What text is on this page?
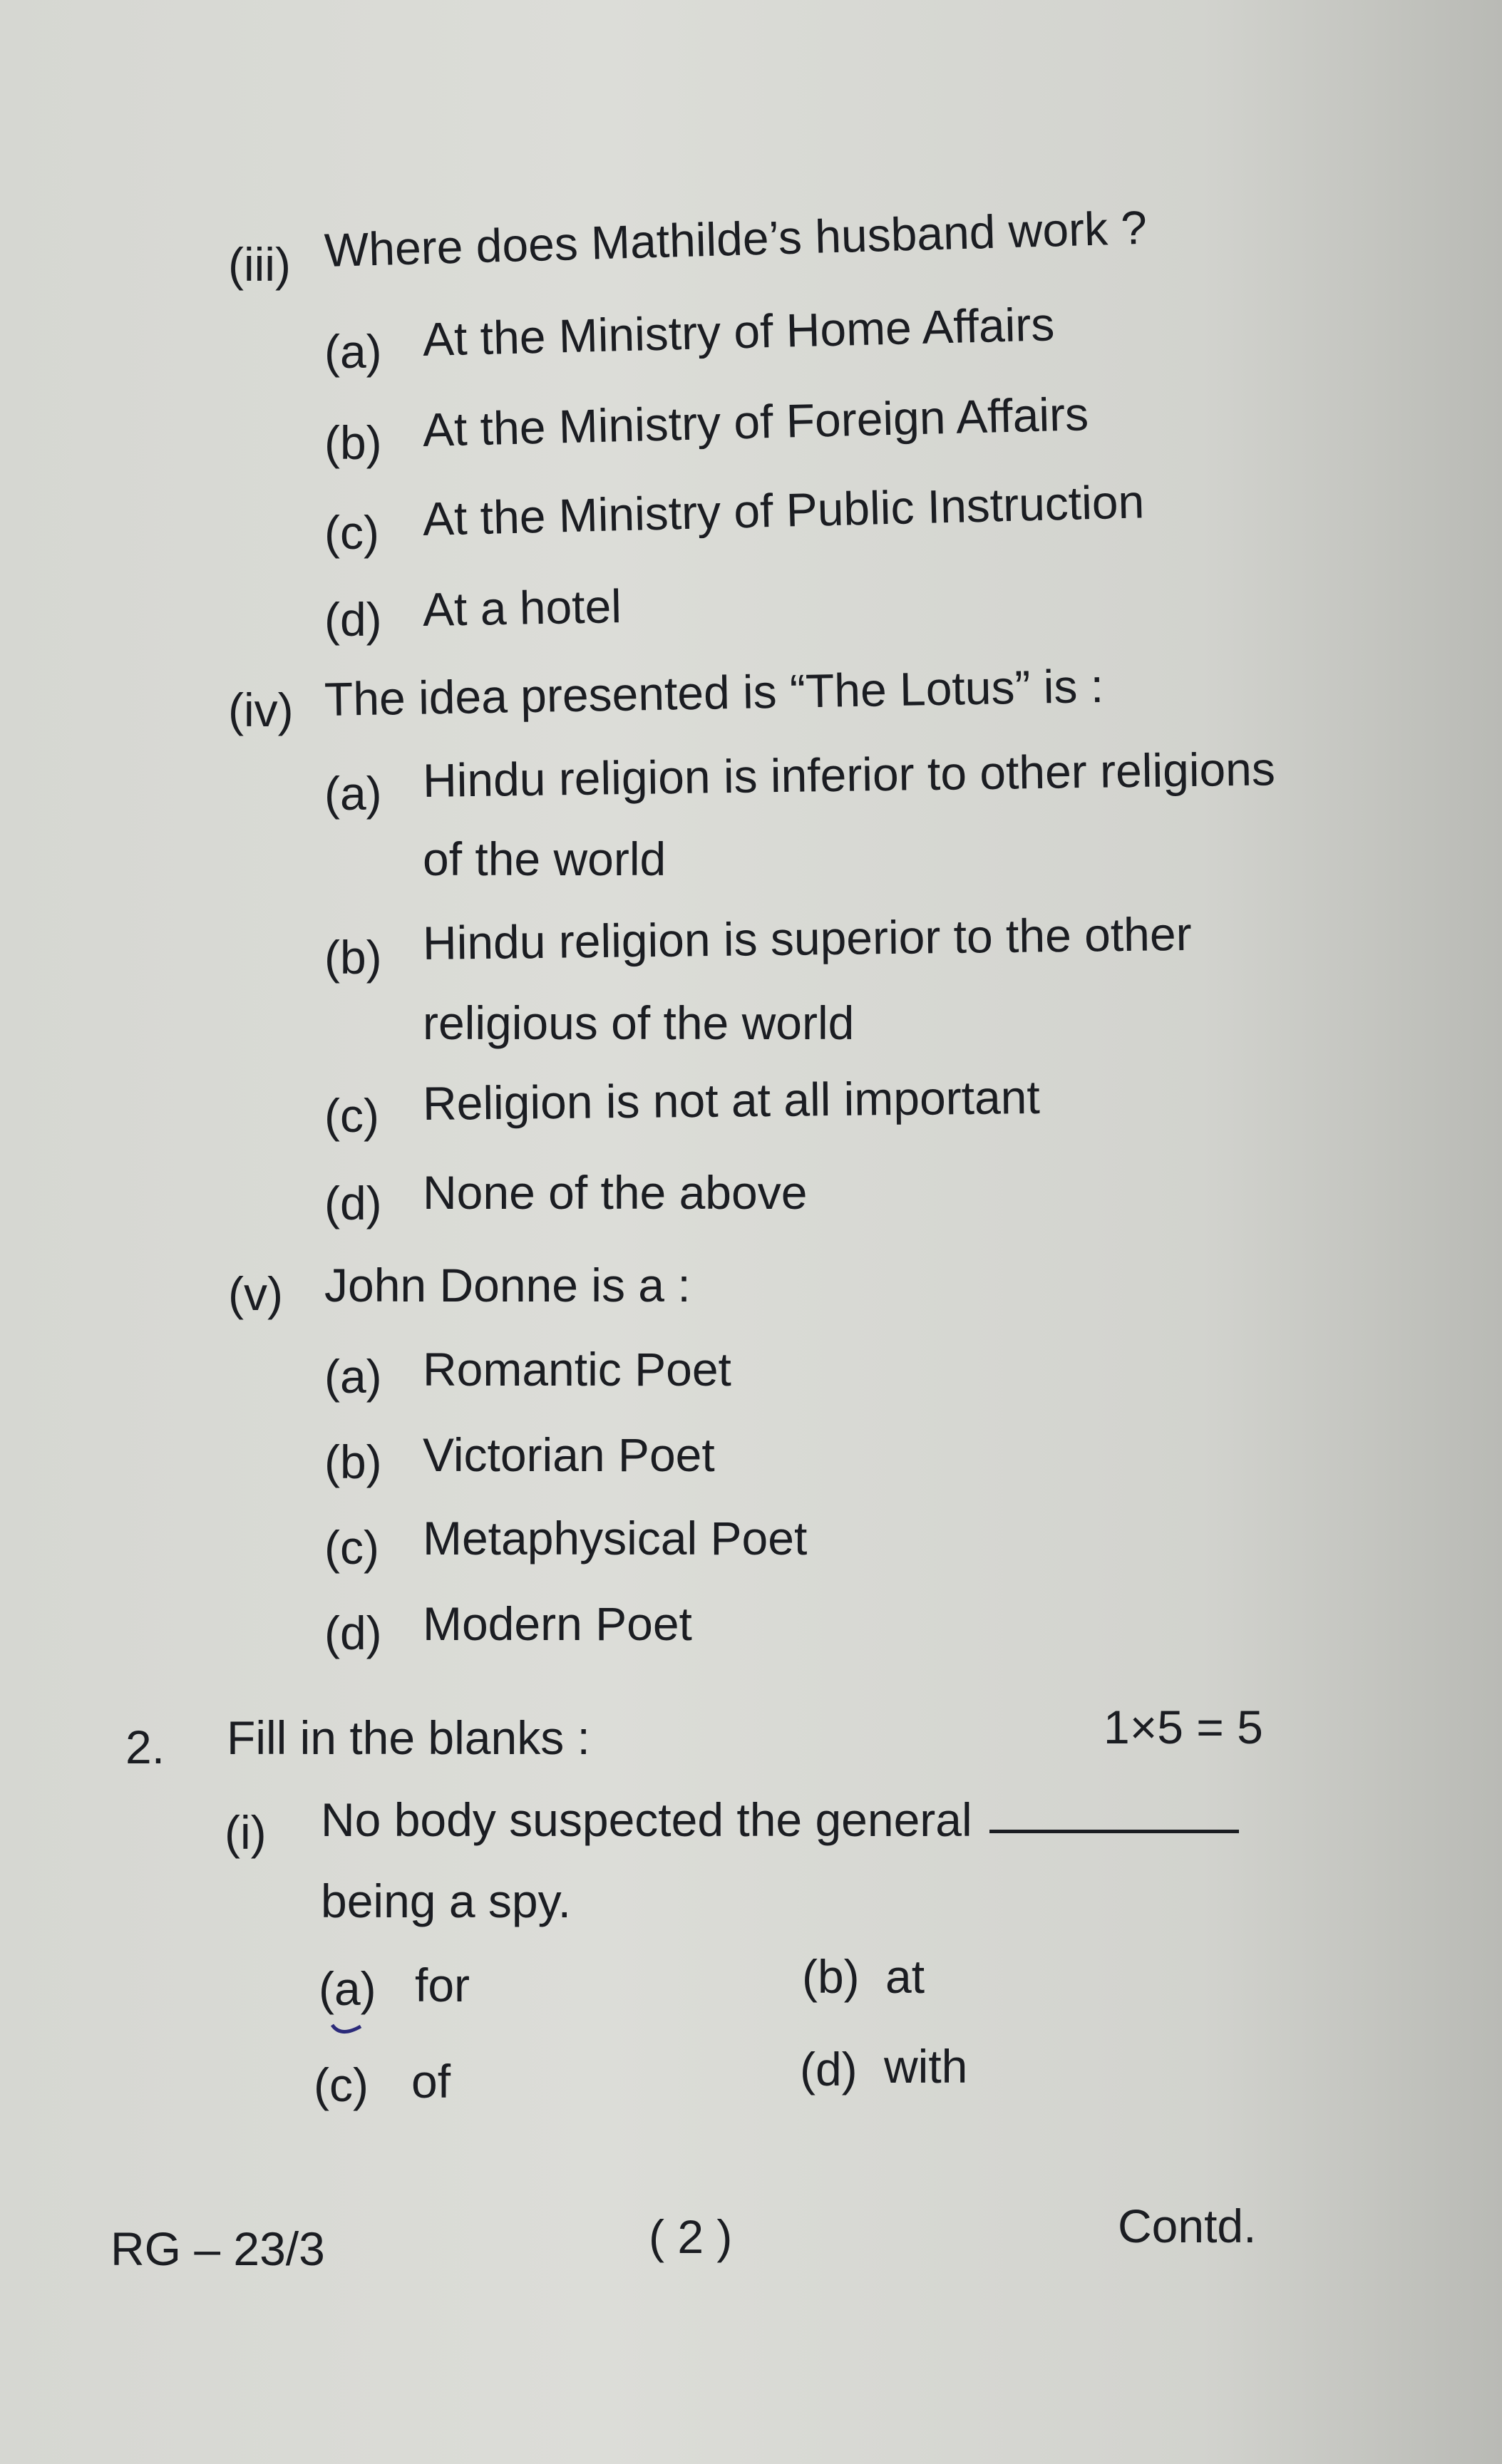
(iii) Where does Mathilde’s husband work ?
(a) At the Ministry of Home Affairs
(b) At the Ministry of Foreign Affairs
(c) At the Ministry of Public Instruction
(d) At a hotel
(iv) The idea presented is “The Lotus” is :
(a) Hindu religion is inferior to other religions
of the world
(b) Hindu religion is superior to the other
religious of the world
(c) Religion is not at all important
(d) None of the above
(v) John Donne is a :
(a) Romantic Poet
(b) Victorian Poet
(c) Metaphysical Poet
(d) Modern Poet
2. Fill in the blanks :	1×5 = 5
(i) No body suspected the general
being a spy.
(a) for	(b) at
(c) of	(d) with
RG – 23/3	( 2 )	Contd.
